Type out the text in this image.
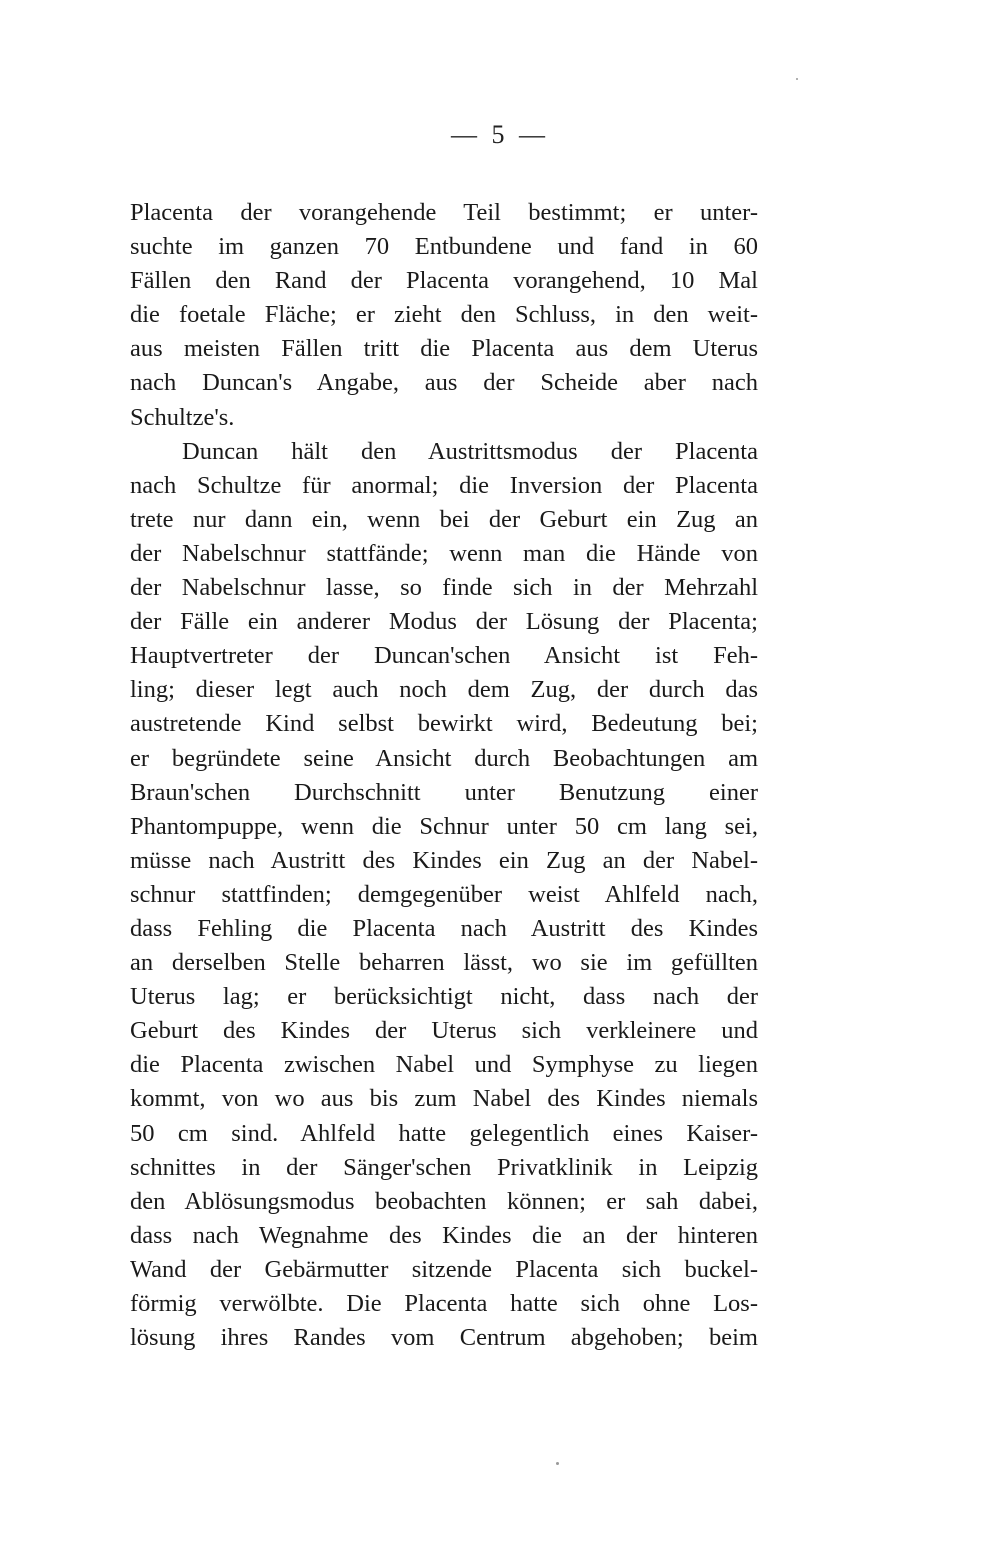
— 5 —
Placenta der vorangehende Teil bestimmt; er unter-
suchte im ganzen 70 Entbundene und fand in 60
Fällen den Rand der Placenta vorangehend, 10 Mal
die foetale Fläche; er zieht den Schluss, in den weit-
aus meisten Fällen tritt die Placenta aus dem Uterus
nach Duncan's Angabe, aus der Scheide aber nach
Schultze's.
Duncan hält den Austrittsmodus der Placenta
nach Schultze für anormal; die Inversion der Placenta
trete nur dann ein, wenn bei der Geburt ein Zug an
der Nabelschnur stattfände; wenn man die Hände von
der Nabelschnur lasse, so finde sich in der Mehrzahl
der Fälle ein anderer Modus der Lösung der Placenta;
Hauptvertreter der Duncan'schen Ansicht ist Feh-
ling; dieser legt auch noch dem Zug, der durch das
austretende Kind selbst bewirkt wird, Bedeutung bei;
er begründete seine Ansicht durch Beobachtungen am
Braun'schen Durchschnitt unter Benutzung einer
Phantompuppe, wenn die Schnur unter 50 cm lang sei,
müsse nach Austritt des Kindes ein Zug an der Nabel-
schnur stattfinden; demgegenüber weist Ahlfeld nach,
dass Fehling die Placenta nach Austritt des Kindes
an derselben Stelle beharren lässt, wo sie im gefüllten
Uterus lag; er berücksichtigt nicht, dass nach der
Geburt des Kindes der Uterus sich verkleinere und
die Placenta zwischen Nabel und Symphyse zu liegen
kommt, von wo aus bis zum Nabel des Kindes niemals
50 cm sind. Ahlfeld hatte gelegentlich eines Kaiser-
schnittes in der Sänger'schen Privatklinik in Leipzig
den Ablösungsmodus beobachten können; er sah dabei,
dass nach Wegnahme des Kindes die an der hinteren
Wand der Gebärmutter sitzende Placenta sich buckel-
förmig verwölbte. Die Placenta hatte sich ohne Los-
lösung ihres Randes vom Centrum abgehoben; beim
